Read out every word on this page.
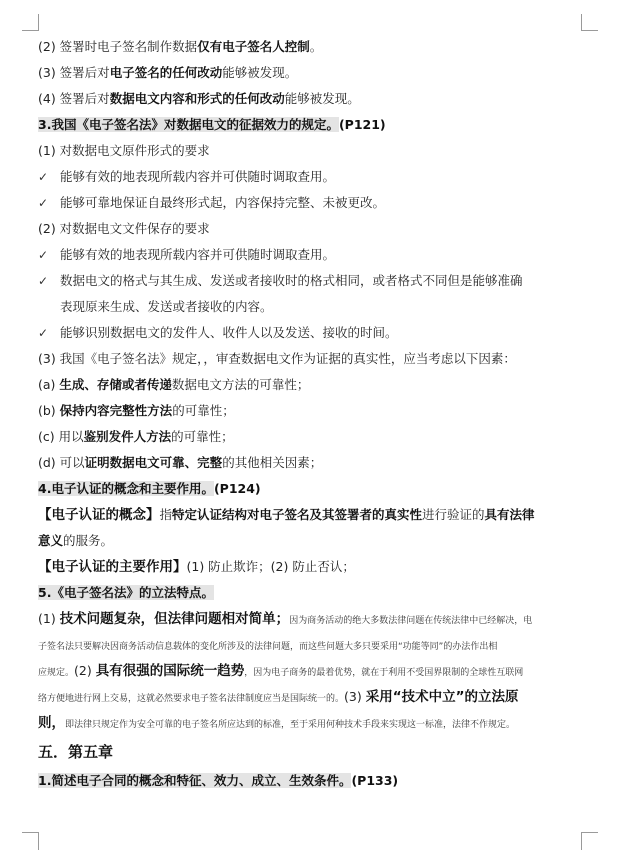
(2) 签署时电子签名制作数据仅有电子签名人控制。
(3) 签署后对电子签名的任何改动能够被发现。
(4) 签署后对数据电文内容和形式的任何改动能够被发现。
3.我国《电子签名法》对数据电文的征据效力的规定。(P121)
(1) 对数据电文原件形式的要求
✓ 能够有效的地表现所载内容并可供随时调取查用。
✓ 能够可靠地保证自最终形式起，内容保持完整、未被更改。
(2) 对数据电文文件保存的要求
✓ 能够有效的地表现所载内容并可供随时调取查用。
✓ 数据电文的格式与其生成、发送或者接收时的格式相同，或者格式不同但是能够准确
表现原来生成、发送或者接收的内容。
✓ 能够识别数据电文的发件人、收件人以及发送、接收的时间。
(3) 我国《电子签名法》规定，，审查数据电文作为证据的真实性，应当考虑以下因素：
(a) 生成、存储或者传递数据电文方法的可靠性；
(b) 保持内容完整性方法的可靠性；
(c) 用以鉴别发件人方法的可靠性；
(d) 可以证明数据电文可靠、完整的其他相关因素；
4.电子认证的概念和主要作用。(P124)
【电子认证的概念】指特定认证结构对电子签名及其签署者的真实性进行验证的具有法律
意义的服务。
【电子认证的主要作用】(1) 防止欺诈；(2) 防止否认；
5.《电子签名法》的立法特点。
(1) 技术问题复杂，但法律问题相对简单；因为商务活动的绝大多数法律问题在传统法律中已经解决，电
子签名法只要解决因商务活动信息载体的变化所涉及的法律问题，而这些问题大多只要采用“功能等同”的办法作出相
应规定。(2) 具有很强的国际统一趋势，因为电子商务的最着优势，就在于利用不受国界限制的全球性互联网
络方便地进行网上交易，这就必然要求电子签名法律制度应当是国际统一的。(3) 采用“技术中立”的立法原
则，即法律只规定作为安全可靠的电子签名所应达到的标准，至于采用何种技术手段来实现这一标准，法律不作规定。
五．第五章
1.简述电子合同的概念和特征、效力、成立、生效条件。(P133)
